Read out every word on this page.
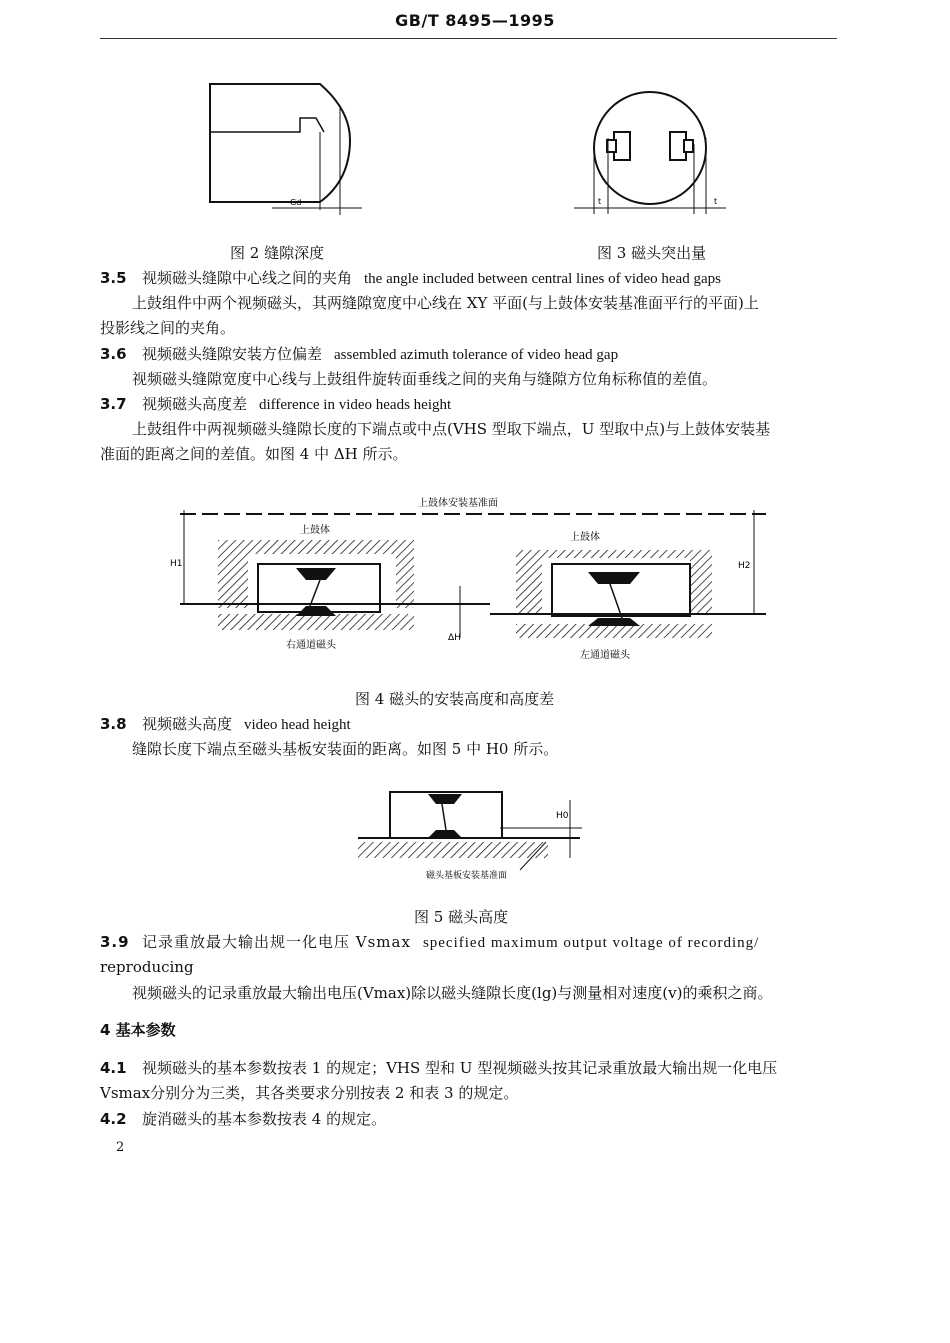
GB/T 8495—1995
Gd
图 2 缝隙深度
t	t
图 3 磁头突出量
3.5 视频磁头缝隙中心线之间的夹角 the angle included between central lines of video head gaps
上鼓组件中两个视频磁头，其两缝隙宽度中心线在 XY 平面(与上鼓体安装基准面平行的平面)上
投影线之间的夹角。
3.6 视频磁头缝隙安装方位偏差 assembled azimuth tolerance of video head gap
视频磁头缝隙宽度中心线与上鼓组件旋转面垂线之间的夹角与缝隙方位角标称值的差值。
3.7 视频磁头高度差 difference in video heads height
上鼓组件中两视频磁头缝隙长度的下端点或中点(VHS 型取下端点，U 型取中点)与上鼓体安装基
准面的距离之间的差值。如图 4 中 ΔH 所示。
上鼓体安装基准面
H1
上鼓体
右通道磁头
ΔH
上鼓体
左通道磁头
H2
图 4 磁头的安装高度和高度差
3.8 视频磁头高度 video head height
缝隙长度下端点至磁头基板安装面的距离。如图 5 中 H0 所示。
H0
磁头基板安装基准面
图 5 磁头高度
3.9 记录重放最大输出规一化电压 Vsmax specified maximum output voltage of recording/
reproducing
视频磁头的记录重放最大输出电压(Vmax)除以磁头缝隙长度(lg)与测量相对速度(v)的乘积之商。
4 基本参数
4.1 视频磁头的基本参数按表 1 的规定；VHS 型和 U 型视频磁头按其记录重放最大输出规一化电压
Vsmax分别分为三类，其各类要求分别按表 2 和表 3 的规定。
4.2 旋消磁头的基本参数按表 4 的规定。
2
